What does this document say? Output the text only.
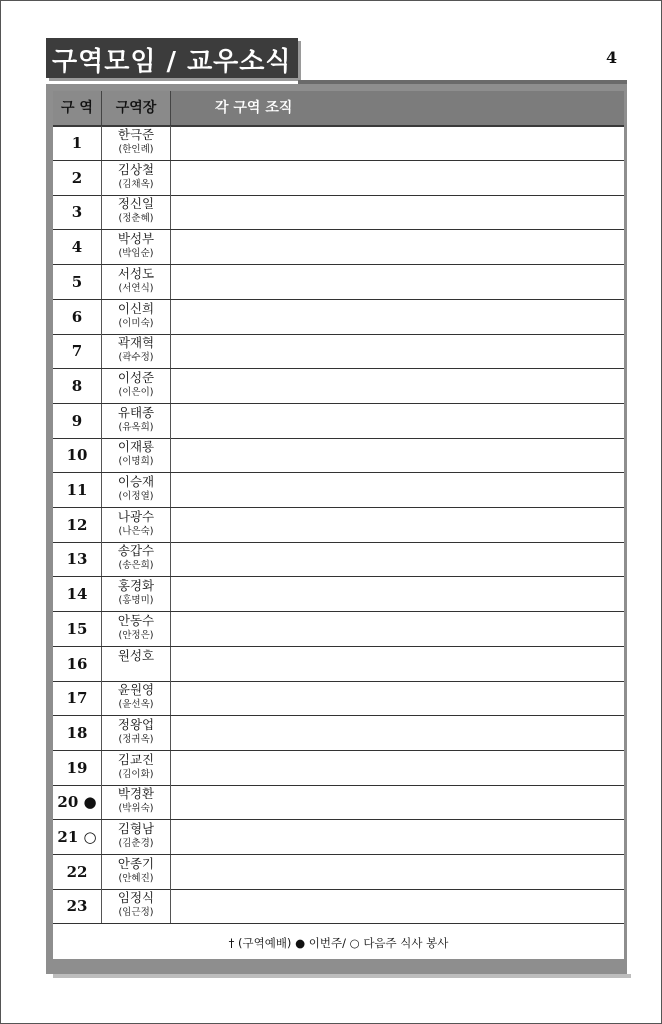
구역모임 / 교우소식	4
구 역	구역장	각 구역 조직
1	한극준
(한인례)
2	김상철
(김채옥)
3	정신일
(정춘혜)
4	박성부
(박임순)
5	서성도
(서연식)
6	이신희
(이미숙)
7	곽재혁
(곽수정)
8	이성준
(이은이)
9	유태종
(유옥희)
10	이재룡
(이명희)
11	이승재
(이정열)
12	나광수
(나은숙)
13	송갑수
(송은희)
14	홍경화
(홍명미)
15	안동수
(안정은)
16	원성호
17	윤원영
(윤선옥)
18	정왕업
(정귀옥)
19	김교진
(김이화)
20 ●	박경환
(박위숙)
21 ○	김형남
(김춘경)
22	안종기
(안혜진)
23	임정식
(임근정)
† (구역예배) ● 이번주/ ○ 다음주 식사 봉사
